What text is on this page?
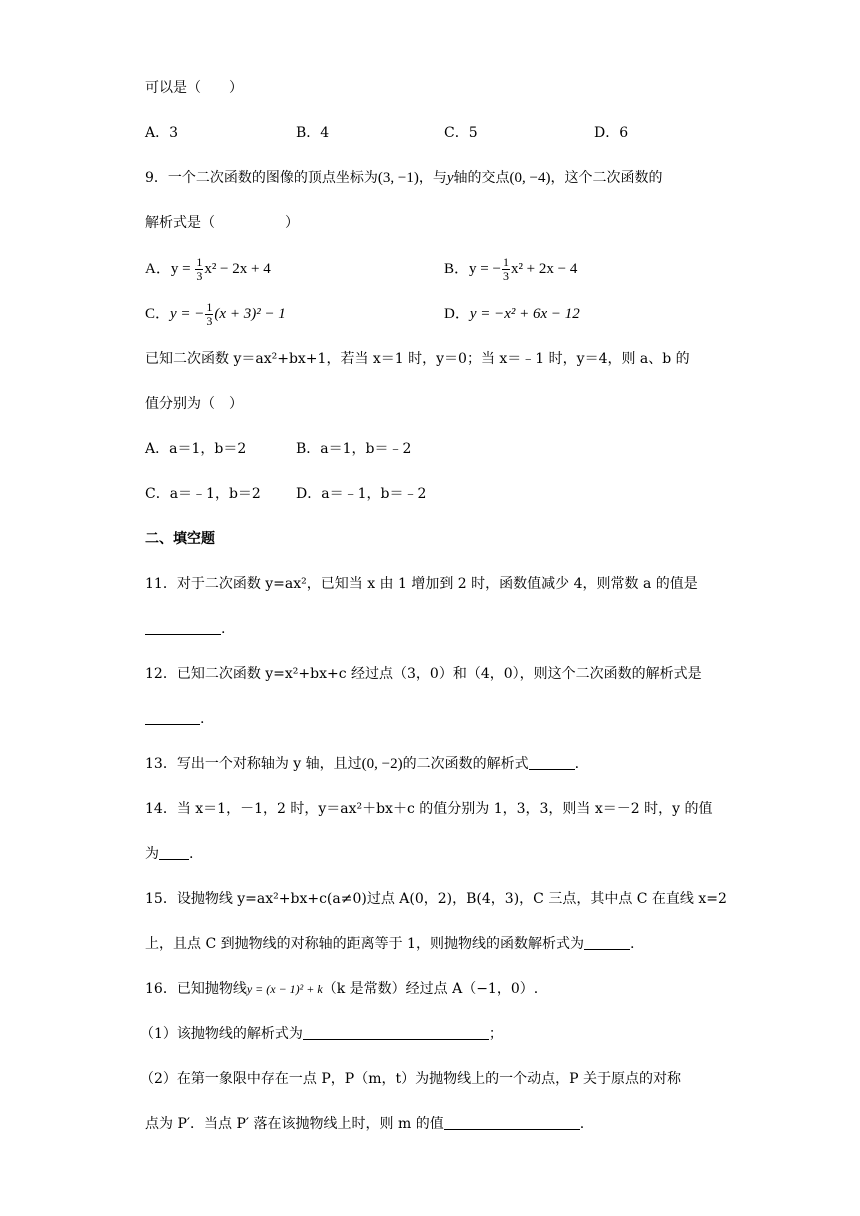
可以是（　　）
A．3	B．4	C．5	D．6
9．一个二次函数的图像的顶点坐标为(3, −1)，与y轴的交点(0, −4)，这个二次函数的
解析式是（　　　　　）
A．$y = \frac{1}{3} x^2 - 2x + 4$	B．y = − $\frac{1}{3} x^2 + 2x - 4$
C．y = − $\frac{1}{3} (x + 3)^2 - 1$	D．y = −x² + 6x − 12
已知二次函数 y＝ax²+bx+1，若当 x＝1 时，y＝0；当 x＝﹣1 时，y＝4，则 a、b 的
值分别为（　）
A．a＝1，b＝2	B．a＝1，b＝﹣2
C．a＝﹣1，b＝2	D．a＝﹣1，b＝﹣2
二、填空题
11．对于二次函数 y=ax²，已知当 x 由 1 增加到 2 时，函数值减少 4，则常数 a 的值是
.
12．已知二次函数 y=x²+bx+c 经过点（3，0）和（4，0），则这个二次函数的解析式是
.
13．写出一个对称轴为 y 轴，且过(0, −2)的二次函数的解析式	.
14．当 x＝1，－1，2 时，y＝ax²＋bx＋c 的值分别为 1，3，3，则当 x＝－2 时，y 的值
为 .
15．设抛物线 y=ax²+bx+c(a≠0)过点 A(0，2)，B(4，3)，C 三点，其中点 C 在直线 x=2
上，且点 C 到抛物线的对称轴的距离等于 1，则抛物线的函数解析式为	.
16．已知抛物线y = (x − 1)² + k（k 是常数）经过点 A（−1，0）.
（1）该抛物线的解析式为	；
（2）在第一象限中存在一点 P，P（m，t）为抛物线上的一个动点，P 关于原点的对称
点为 P′．当点 P′ 落在该抛物线上时，则 m 的值	.
